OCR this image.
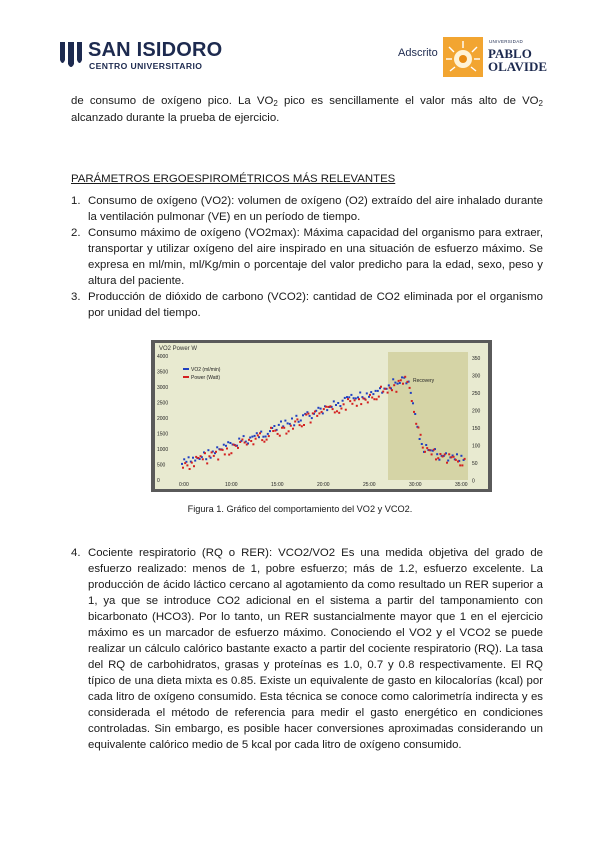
SAN ISIDORO
CENTRO UNIVERSITARIO
Adscrito
UNIVERSIDAD
PABLO
OLAVIDE
de consumo de oxígeno pico. La $VO_2$ pico es sencillamente el valor más alto de $VO_2$ alcanzado durante la prueba de ejercicio.
PARÁMETROS ERGOESPIROMÉTRICOS MÁS RELEVANTES
1. Consumo de oxígeno (VO2): volumen de oxígeno (O2) extraído del aire inhalado durante la ventilación pulmonar (VE) en un período de tiempo.
2. Consumo máximo de oxígeno (VO2max): Máxima capacidad del organismo para extraer, transportar y utilizar oxígeno del aire inspirado en una situación de esfuerzo máximo. Se expresa en ml/min, ml/Kg/min o porcentaje del valor predicho para la edad, sexo, peso y altura del paciente.
3. Producción de dióxido de carbono (VCO2): cantidad de CO2 eliminada por el organismo por unidad del tiempo.
VO2 Power W
VO2 (ml/min)
Power (Watt)	Recovery
4000
3500
3000
2500
2000
1500
1000
500
0
350
300
250
200
150
100
50
0
0:00	10:00	15:00	20:00	25:00	30:00	35:00
Figura 1. Gráfico del comportamiento del VO2 y VCO2.
4. Cociente respiratorio (RQ o RER): VCO2/VO2 Es una medida objetiva del grado de esfuerzo realizado: menos de 1, pobre esfuerzo; más de 1.2, esfuerzo excelente. La producción de ácido láctico cercano al agotamiento da como resultado un RER superior a 1, ya que se introduce CO2 adicional en el sistema a partir del tamponamiento con bicarbonato (HCO3). Por lo tanto, un RER sustancialmente mayor que 1 en el ejercicio máximo es un marcador de esfuerzo máximo. Conociendo el VO2 y el VCO2 se puede realizar un cálculo calórico bastante exacto a partir del cociente respiratorio (RQ). La tasa del RQ de carbohidratos, grasas y proteínas es 1.0, 0.7 y 0.8 respectivamente. El RQ típico de una dieta mixta es 0.85. Existe un equivalente de gasto en kilocalorías (kcal) por cada litro de oxígeno consumido. Esta técnica se conoce como calorimetría indirecta y es considerada el método de referencia para medir el gasto energético en condiciones controladas. Sin embargo, es posible hacer conversiones aproximadas considerando un equivalente calórico medio de 5 kcal por cada litro de oxígeno consumido.
